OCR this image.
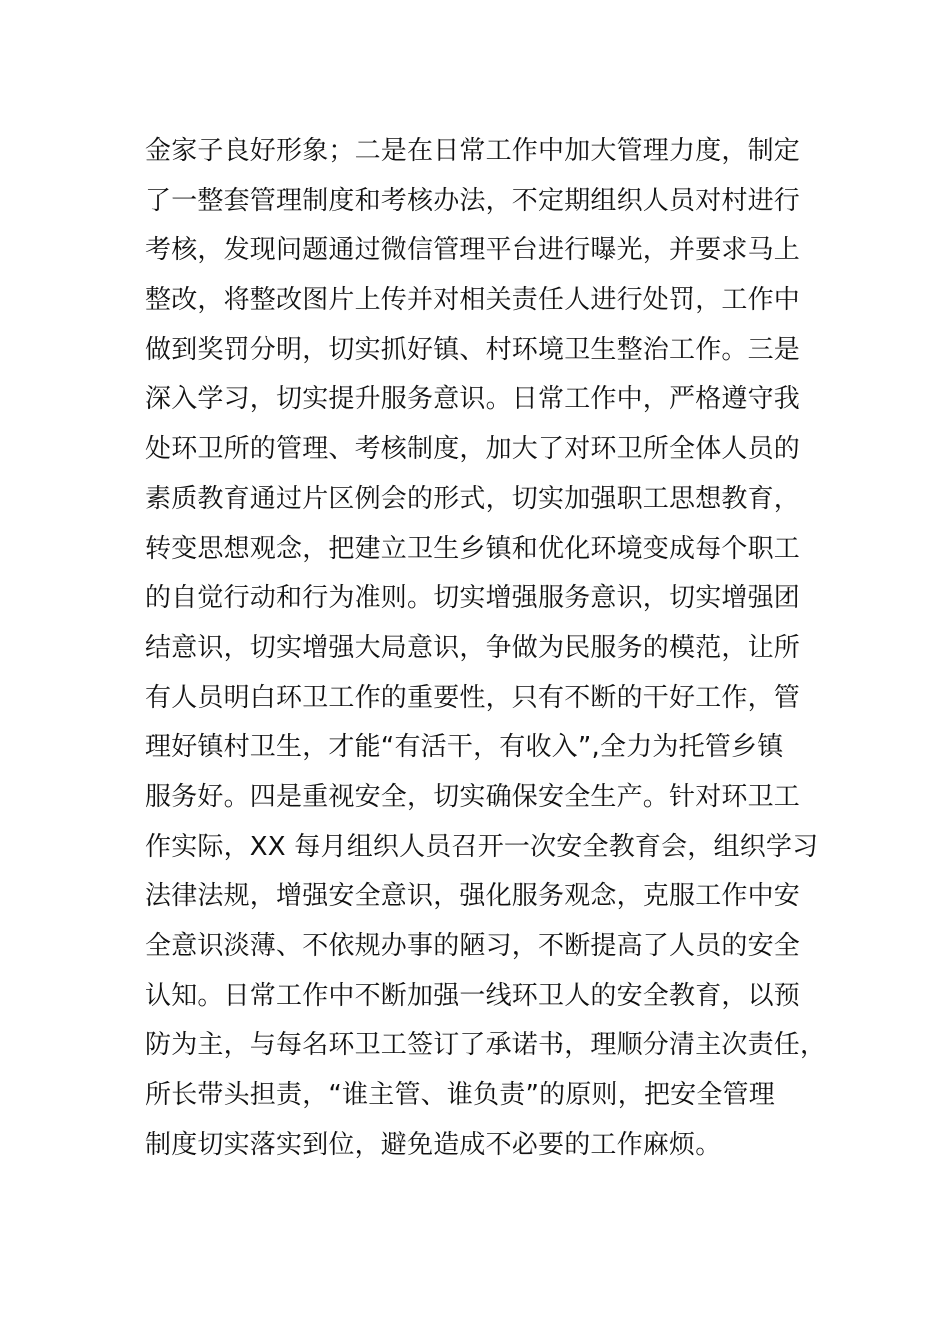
金家子良好形象；二是在日常工作中加大管理力度，制定
了一整套管理制度和考核办法，不定期组织人员对村进行
考核，发现问题通过微信管理平台进行曝光，并要求马上
整改，将整改图片上传并对相关责任人进行处罚，工作中
做到奖罚分明，切实抓好镇、村环境卫生整治工作。三是
深入学习，切实提升服务意识。日常工作中，严格遵守我
处环卫所的管理、考核制度，加大了对环卫所全体人员的
素质教育通过片区例会的形式，切实加强职工思想教育，
转变思想观念，把建立卫生乡镇和优化环境变成每个职工
的自觉行动和行为准则。切实增强服务意识，切实增强团
结意识，切实增强大局意识，争做为民服务的模范，让所
有人员明白环卫工作的重要性，只有不断的干好工作，管
理好镇村卫生，才能“有活干，有收入”,全力为托管乡镇
服务好。四是重视安全，切实确保安全生产。针对环卫工
作实际，XX 每月组织人员召开一次安全教育会，组织学习
法律法规，增强安全意识，强化服务观念，克服工作中安
全意识淡薄、不依规办事的陋习，不断提高了人员的安全
认知。日常工作中不断加强一线环卫人的安全教育，以预
防为主，与每名环卫工签订了承诺书，理顺分清主次责任，
所长带头担责，“谁主管、谁负责”的原则，把安全管理
制度切实落实到位，避免造成不必要的工作麻烦。
